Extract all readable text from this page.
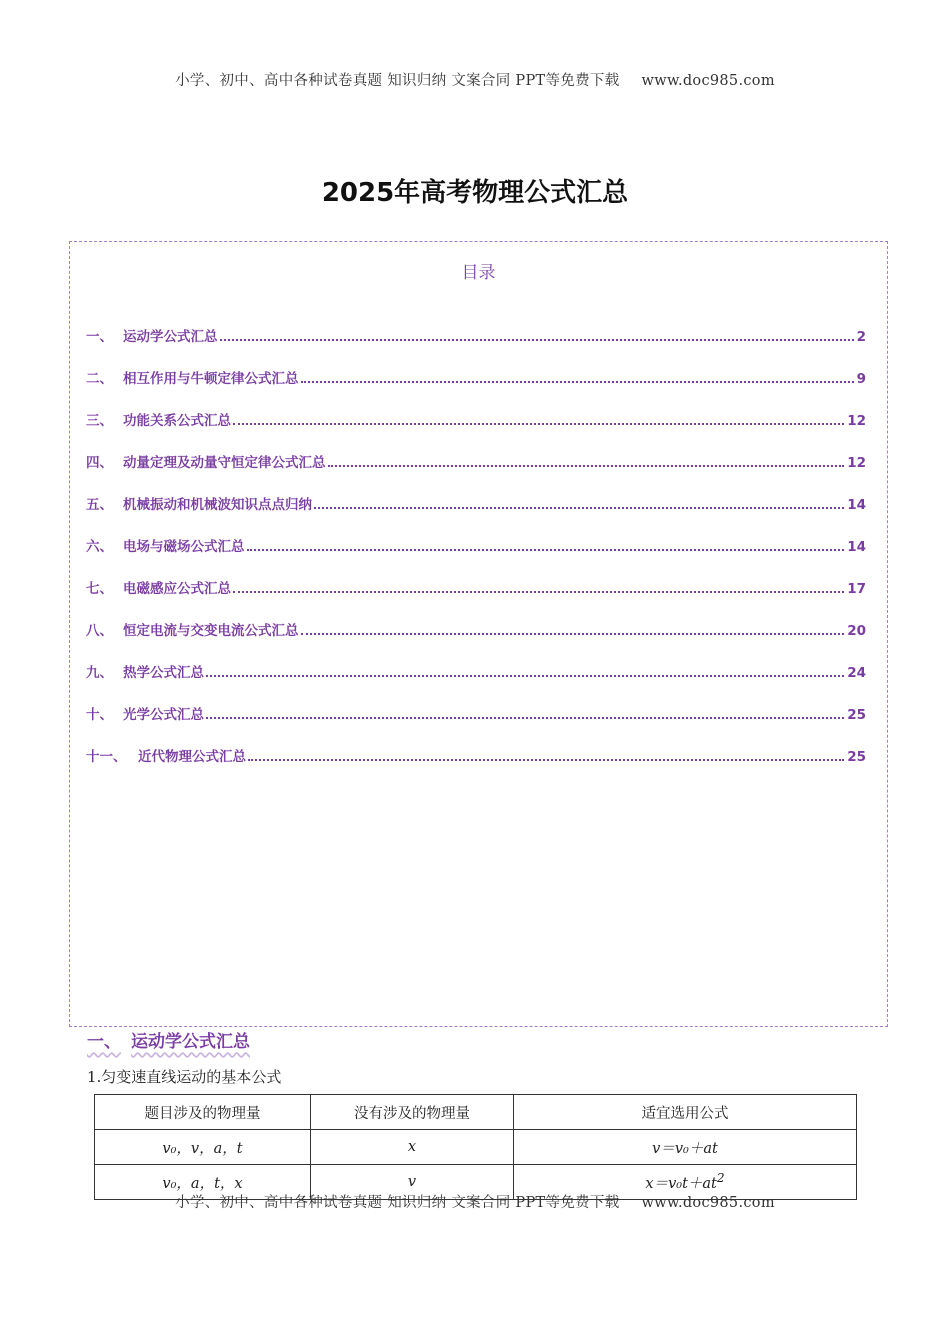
小学、初中、高中各种试卷真题 知识归纳 文案合同 PPT等免费下载 www.doc985.com
2025年高考物理公式汇总
目录
一、 运动学公式汇总	2
二、 相互作用与牛顿定律公式汇总	9
三、 功能关系公式汇总	12
四、 动量定理及动量守恒定律公式汇总	12
五、 机械振动和机械波知识点点归纳	14
六、 电场与磁场公式汇总	14
七、 电磁感应公式汇总	17
八、 恒定电流与交变电流公式汇总	20
九、 热学公式汇总	24
十、 光学公式汇总	25
十一、 近代物理公式汇总	25
一、 运动学公式汇总
1.匀变速直线运动的基本公式
题目涉及的物理量	没有涉及的物理量	适宜选用公式
v₀，v，a，t	x	v＝v₀＋at
v₀，a，t，x	v	$x=v_0t+at^2$
小学、初中、高中各种试卷真题 知识归纳 文案合同 PPT等免费下载 www.doc985.com
